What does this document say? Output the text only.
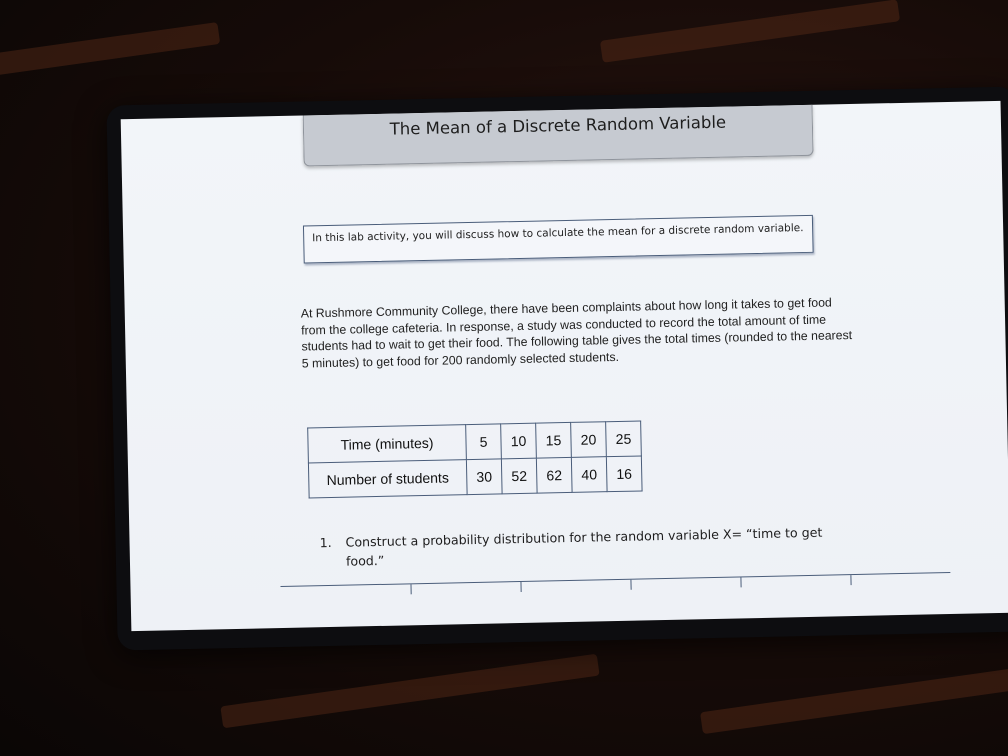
The Mean of a Discrete Random Variable
In this lab activity, you will discuss how to calculate the mean for a discrete random variable.
At Rushmore Community College, there have been complaints about how long it takes to get food from the college cafeteria. In response, a study was conducted to record the total amount of time students had to wait to get their food. The following table gives the total times (rounded to the nearest 5 minutes) to get food for 200 randomly selected students.
Time (minutes)	5	10	15	20	25
Number of students	30	52	62	40	16
1.	Construct a probability distribution for the random variable X= “time to get food.”
